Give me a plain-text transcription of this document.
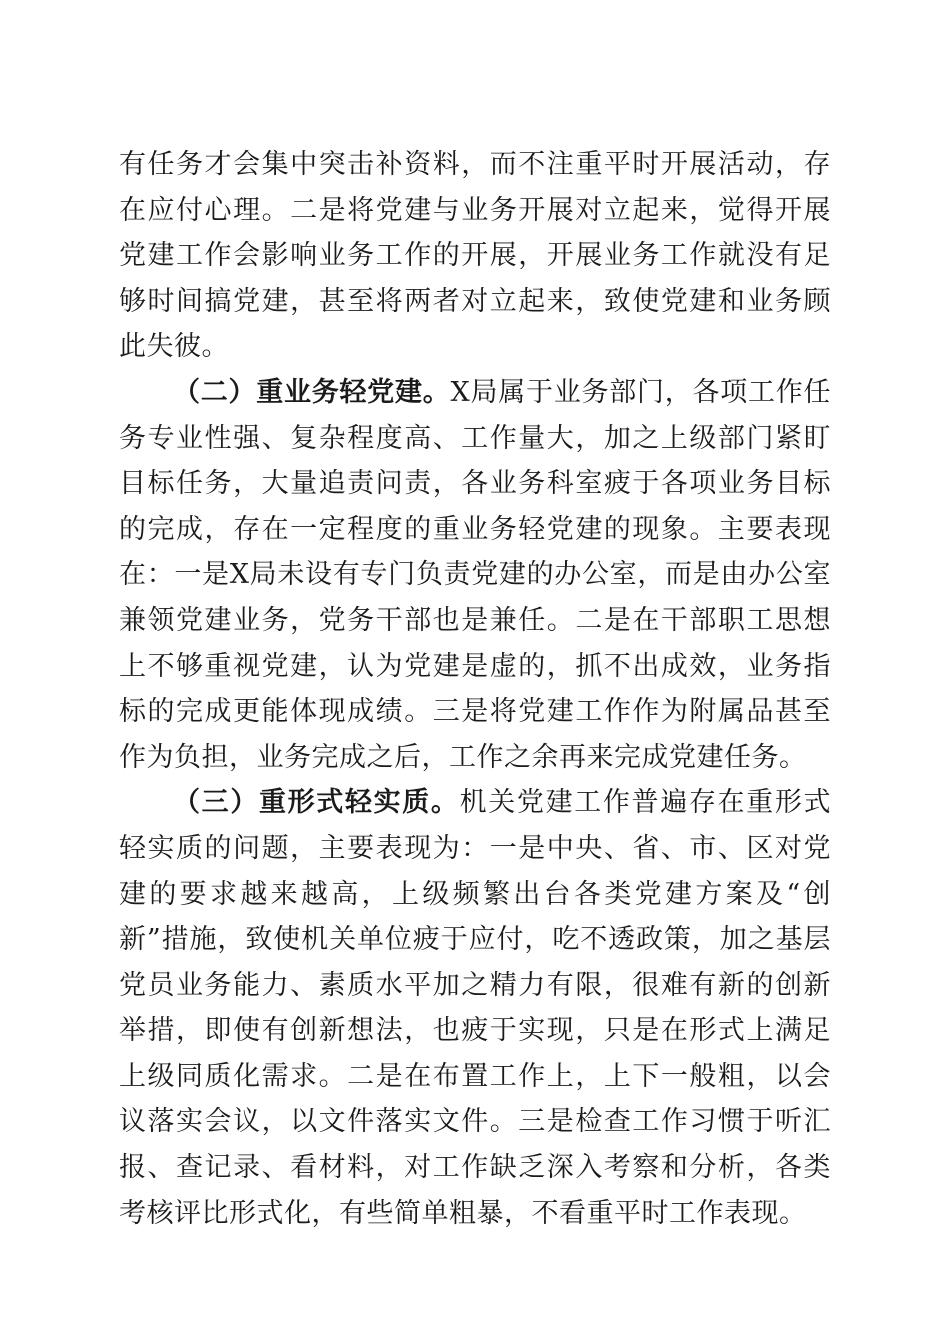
有任务才会集中突击补资料，而不注重平时开展活动，存在应付心理。二是将党建与业务开展对立起来，觉得开展党建工作会影响业务工作的开展，开展业务工作就没有足够时间搞党建，甚至将两者对立起来，致使党建和业务顾此失彼。

（二）重业务轻党建。X局属于业务部门，各项工作任务专业性强、复杂程度高、工作量大，加之上级部门紧盯目标任务，大量追责问责，各业务科室疲于各项业务目标的完成，存在一定程度的重业务轻党建的现象。主要表现在：一是X局未设有专门负责党建的办公室，而是由办公室兼领党建业务，党务干部也是兼任。二是在干部职工思想上不够重视党建，认为党建是虚的，抓不出成效，业务指标的完成更能体现成绩。三是将党建工作作为附属品甚至作为负担，业务完成之后，工作之余再来完成党建任务。

（三）重形式轻实质。机关党建工作普遍存在重形式轻实质的问题，主要表现为：一是中央、省、市、区对党建的要求越来越高，上级频繁出台各类党建方案及“创新”措施，致使机关单位疲于应付，吃不透政策，加之基层党员业务能力、素质水平加之精力有限，很难有新的创新举措，即使有创新想法，也疲于实现，只是在形式上满足上级同质化需求。二是在布置工作上，上下一般粗，以会议落实会议，以文件落实文件。三是检查工作习惯于听汇报、查记录、看材料，对工作缺乏深入考察和分析，各类考核评比形式化，有些简单粗暴，不看重平时工作表现。
